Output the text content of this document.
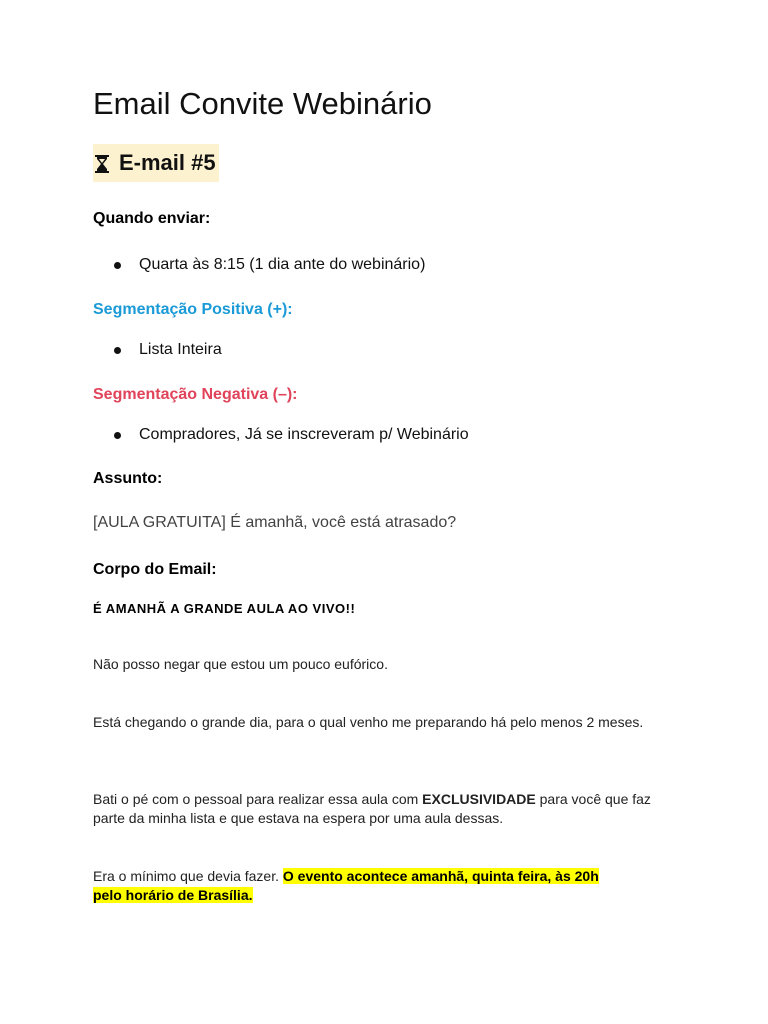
Email Convite Webinário
E-mail #5
Quando enviar:
Quarta às 8:15 (1 dia ante do webinário)
Segmentação Positiva (+):
Lista Inteira
Segmentação Negativa (–):
Compradores, Já se inscreveram p/ Webinário
Assunto:
[AULA GRATUITA] É amanhã, você está atrasado?
Corpo do Email:
É AMANHÃ A GRANDE AULA AO VIVO!!

Não posso negar que estou um pouco eufórico.

Está chegando o grande dia, para o qual venho me preparando há pelo menos 2 meses.

Bati o pé com o pessoal para realizar essa aula com EXCLUSIVIDADE para você que faz parte da minha lista e que estava na espera por uma aula dessas.

Era o mínimo que devia fazer. O evento acontece amanhã, quinta feira, às 20h
pelo horário de Brasília.
